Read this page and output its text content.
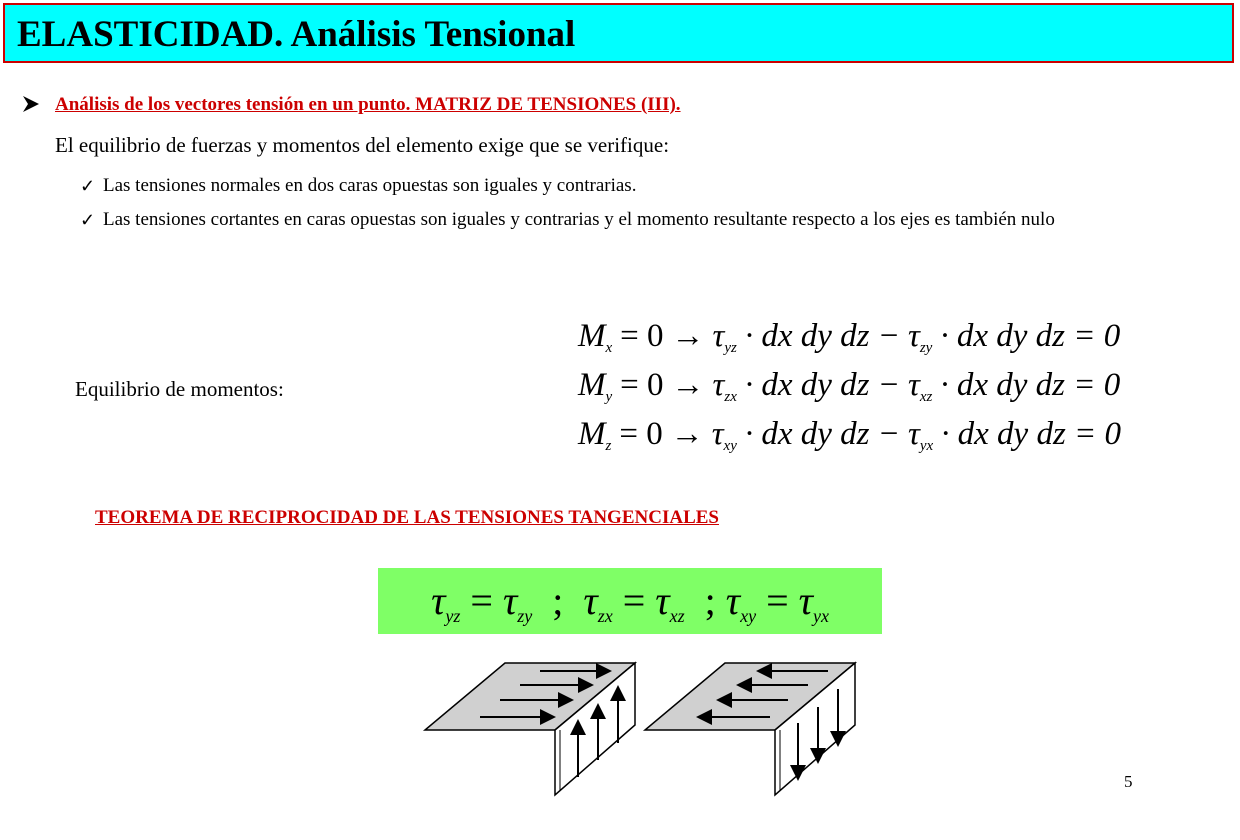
ELASTICIDAD. Análisis Tensional
Análisis de los vectores tensión en un punto. MATRIZ DE TENSIONES (III).
El equilibrio de fuerzas y momentos del elemento exige que se verifique:
✓ Las tensiones normales en dos caras opuestas son iguales y contrarias.
✓ Las tensiones cortantes en caras opuestas son iguales y contrarias y el momento resultante respecto a los ejes es también nulo
Equilibrio de momentos:
$M_x = 0 \to \tau_{yz}$ · dx dy dz − $\tau_{zy}$ · dx dy dz = 0
$M_y = 0 \to \tau_{zx}$ · dx dy dz − $\tau_{xz}$ · dx dy dz = 0
$M_z = 0 \to \tau_{xy}$ · dx dy dz − $\tau_{yx}$ · dx dy dz = 0
TEOREMA DE RECIPROCIDAD DE LAS TENSIONES TANGENCIALES
$\tau_{yz} = \tau_{zy}$ ; $\tau_{zx} = \tau_{xz}$ ; $\tau_{xy} = \tau_{yx}$
5
